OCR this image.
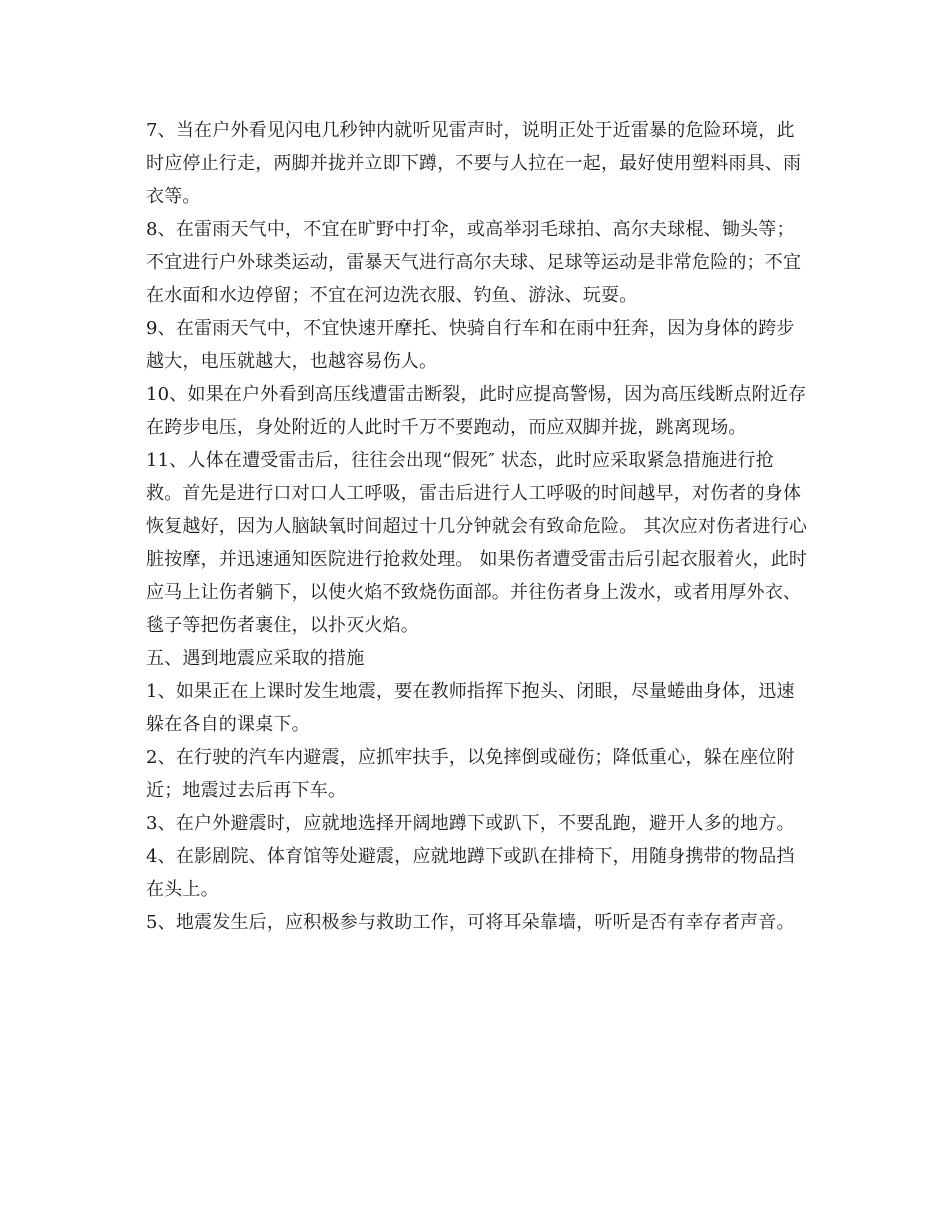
7、当在户外看见闪电几秒钟内就听见雷声时，说明正处于近雷暴的危险环境，此时应停止行走，两脚并拢并立即下蹲，不要与人拉在一起，最好使用塑料雨具、雨衣等。

8、在雷雨天气中，不宜在旷野中打伞，或高举羽毛球拍、高尔夫球棍、锄头等；不宜进行户外球类运动，雷暴天气进行高尔夫球、足球等运动是非常危险的；不宜在水面和水边停留；不宜在河边洗衣服、钓鱼、游泳、玩耍。

9、在雷雨天气中，不宜快速开摩托、快骑自行车和在雨中狂奔，因为身体的跨步越大，电压就越大，也越容易伤人。

10、如果在户外看到高压线遭雷击断裂，此时应提高警惕，因为高压线断点附近存在跨步电压，身处附近的人此时千万不要跑动，而应双脚并拢，跳离现场。

11、人体在遭受雷击后，往往会出现“假死″ 状态，此时应采取紧急措施进行抢救。首先是进行口对口人工呼吸，雷击后进行人工呼吸的时间越早，对伤者的身体恢复越好，因为人脑缺氧时间超过十几分钟就会有致命危险。 其次应对伤者进行心脏按摩，并迅速通知医院进行抢救处理。 如果伤者遭受雷击后引起衣服着火，此时应马上让伤者躺下，以使火焰不致烧伤面部。并往伤者身上泼水，或者用厚外衣、毯子等把伤者裹住，以扑灭火焰。

五、遇到地震应采取的措施

1、如果正在上课时发生地震，要在教师指挥下抱头、闭眼，尽量蜷曲身体，迅速躲在各自的课桌下。

2、在行驶的汽车内避震，应抓牢扶手，以免摔倒或碰伤；降低重心，躲在座位附近；地震过去后再下车。

3、在户外避震时，应就地选择开阔地蹲下或趴下，不要乱跑，避开人多的地方。

4、在影剧院、体育馆等处避震，应就地蹲下或趴在排椅下，用随身携带的物品挡在头上。

5、地震发生后，应积极参与救助工作，可将耳朵靠墙，听听是否有幸存者声音。
